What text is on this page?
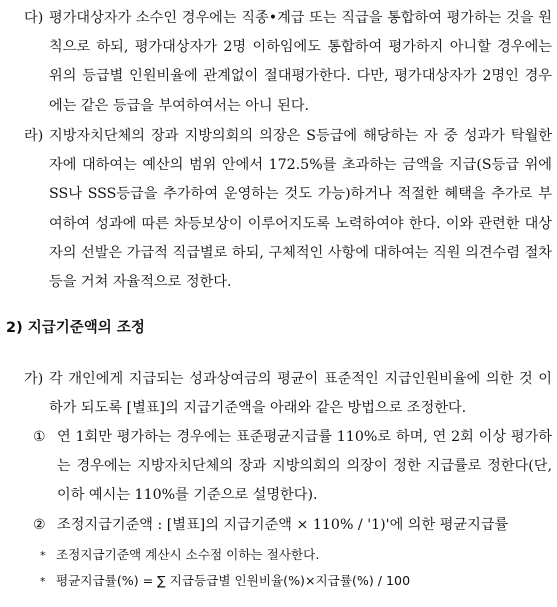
다) 평가대상자가 소수인 경우에는 직종•계급 또는 직급을 통합하여 평가하는 것을 원칙으로 하되, 평가대상자가 2명 이하임에도 통합하여 평가하지 아니할 경우에는 위의 등급별 인원비율에 관계없이 절대평가한다. 다만, 평가대상자가 2명인 경우에는 같은 등급을 부여하여서는 아니 된다.
라) 지방자치단체의 장과 지방의회의 의장은 S등급에 해당하는 자 중 성과가 탁월한 자에 대하여는 예산의 범위 안에서 172.5%를 초과하는 금액을 지급(S등급 위에 SS나 SSS등급을 추가하여 운영하는 것도 가능)하거나 적절한 혜택을 추가로 부여하여 성과에 따른 차등보상이 이루어지도록 노력하여야 한다. 이와 관련한 대상자의 선발은 가급적 직급별로 하되, 구체적인 사항에 대하여는 직원 의견수렴 절차 등을 거쳐 자율적으로 정한다.
2) 지급기준액의 조정
가) 각 개인에게 지급되는 성과상여금의 평균이 표준적인 지급인원비율에 의한 것 이하가 되도록 [별표]의 지급기준액을 아래와 같은 방법으로 조정한다.
① 연 1회만 평가하는 경우에는 표준평균지급률 110%로 하며, 연 2회 이상 평가하는 경우에는 지방자치단체의 장과 지방의회의 의장이 정한 지급률로 정한다(단, 이하 예시는 110%를 기준으로 설명한다).
② 조정지급기준액 : [별표]의 지급기준액 × 110% / '1)'에 의한 평균지급률
* 조정지급기준액 계산시 소수점 이하는 절사한다.
* 평균지급률(%) = ∑ 지급등급별 인원비율(%)×지급률(%) / 100
